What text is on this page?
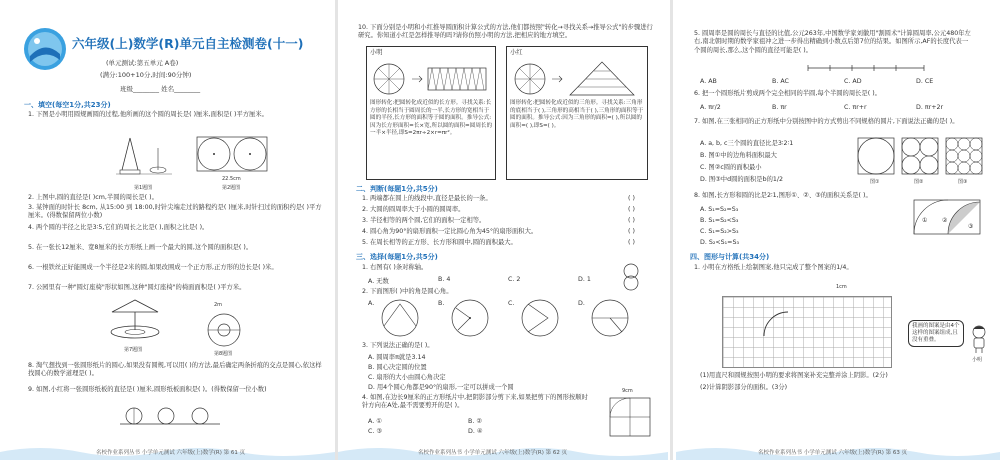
六年级(上)数学(R)单元自主检测卷(十一)
(单元测试:第五单元 A卷)
(满分:100+10分,时间:90分钟)
班级________ 姓名________
一、填空(每空1分,共23分)
1. 下图是小明用圆规画圆的过程,他所画的这个圆的周长是( )厘米,面积是( )平方厘米。
第1题图
22.5cm
第2题图
2. 上图中,圆的直径是( )cm,半圆的周长是( )。
3. 某钟面的时针长 8cm, 从15:00 到 18:00,时针尖端走过的路程约是( )厘米,时针扫过的面积约是( )平方厘米。(得数保留两位小数)
4. 两个圆的半径之比是3∶5,它们的周长之比是( ),面积之比是( )。
5. 在一张长12厘米、宽8厘米的长方形纸上画一个最大的圆,这个圆的面积是( )。
6. 一根铁丝正好能围成一个半径是2米的圆,如果改围成一个正方形,正方形的边长是( )米。
7. 公园里有一种"圆灯座椅"形状如图,这种"圆灯座椅"的椅面面积是( )平方米。
2m
第7题图
第8题图
8. 淘气想找到一张圆形纸片的圆心,如果没有圆规,可以用( )的方法,最后确定两条折痕的交点是圆心,依这样找圆心的数学道理是( )。
9. 如图,小红将一张圆形纸板的直径是( )厘米,圆形纸板面积是( )。(得数保留一位小数)
名校作业系列丛书 小学单元测试 六年级(上)数学(R) 第 61 页
10. 下面分别是小明和小红推导圆面积计算公式的方法,他们都按照"转化→寻找关系→推导公式"的步骤进行研究。你知道小红是怎样推导的吗?请你仿照小明的方法,把相应的地方填空。
小明
图形转化:把圆转化成近似的长方形。寻找关系:长方形的长相当于圆周长的一半,长方形的宽相当于圆的半径,长方形的面积等于圆的面积。推导公式:因为长方形面积=长×宽,所以圆的面积=圆周长的一半×半径,即S=2πr÷2×r=πr²。
小红
图形转化:把圆转化成近似的三角形。寻找关系:三角形的底相当于( ),三角形的高相当于( ),三角形的面积等于圆的面积。推导公式:因为三角形的面积=( ),所以圆的面积=( ),即S=( )。
二、判断(每题1分,共5分)
1. 两端都在圆上的线段中,直径是最长的一条。	( )
2. 大圆的圆周率大于小圆的圆周率。	( )
3. 半径相等的两个圆,它们的面积一定相等。	( )
4. 圆心角为90°的扇形面积一定比圆心角为45°的扇形面积大。	( )
5. 在周长相等的正方形、长方形和圆中,圆的面积最大。	( )
三、选择(每题1分,共5分)
1. 右图有( )条对称轴。
A. 无数	B. 4	C. 2	D. 1
2. 下面图形( )中的角是圆心角。
A.	B.	C.	D.
3. 下列说法正确的是( )。
A. 圆周率π就是3.14
B. 圆心决定圆的位置
C. 扇形的大小由圆心角决定
D. 用4个圆心角都是90°的扇形,一定可以拼成一个圆
4. 如图,在边长9厘米的正方形纸片中,把阴影部分剪下来,如果把剪下的图形按顺时针方向在A处,最不需要剪开的是( )。
9cm
A. ①	B. ②
C. ③	D. ④
名校作业系列丛书 小学单元测试 六年级(上)数学(R) 第 62 页
5. 圆周率是圆的周长与直径的比值,公元263年,中国数学家刘徽用"割圆术"计算圆周率,公元480年左右,南北朝时期的数学家祖冲之进一步得出精确到小数点后第7位的结果。如图所示,AF的长度代表一个圆的周长,那么,这个圆的直径可能是( )。
A. AB	B. AC	C. AD	D. CE
6. 把一个圆形纸片剪成两个完全相同的半圆,每个半圆的周长是( )。
A. πr/2	B. πr	C. πr+r	D. πr+2r
7. 如图,在三张相同的正方形纸中分别按图中的方式剪出不同规格的圆片,下面说法正确的是( )。
A. a, b, c三个圆的直径比是3∶2∶1
B. 图①中的边角料面积最大
C. 图②c圆的面积最小
D. 图③中d圆的面积是b的1/2	图①	图②	图③
8. 如图,长方形和圆的比是2∶1,图形①、②、③的面积关系是( )。
A. S₁=S₂=S₃
B. S₁=S₂<S₃
C. S₁=S₂>S₃
D. S₂<S₁=S₃
① ②
③
四、图形与计算(共34分)
1. 小明在方格纸上绘制图案,他只完成了整个图案的1/4。
1cm
我画的图案是由4个这样的图案组成,且没有重叠。
小明
(1)用直尺和圆规按照小明的要求将图案补充完整并涂上阴影。(2分)
(2)计算阴影部分的面积。(3分)
名校作业系列丛书 小学单元测试 六年级(上)数学(R) 第 63 页
